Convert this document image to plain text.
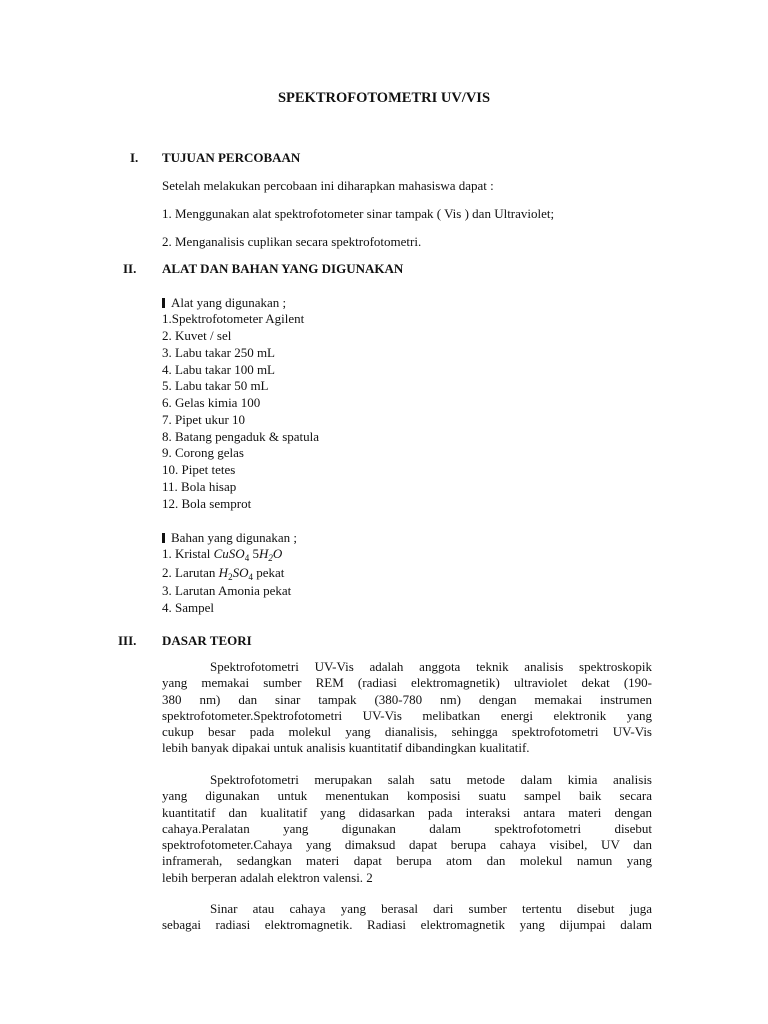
SPEKTROFOTOMETRI UV/VIS
I. TUJUAN PERCOBAAN
Setelah melakukan percobaan ini diharapkan mahasiswa dapat :
1. Menggunakan alat spektrofotometer sinar tampak ( Vis ) dan Ultraviolet;
2. Menganalisis cuplikan secara spektrofotometri.
II. ALAT DAN BAHAN YANG DIGUNAKAN
Alat yang digunakan ;
1.Spektrofotometer Agilent
2. Kuvet / sel
3. Labu takar 250 mL
4. Labu takar 100 mL
5. Labu takar 50 mL
6. Gelas kimia 100
7. Pipet ukur 10
8. Batang pengaduk & spatula
9. Corong gelas
10. Pipet tetes
11. Bola hisap
12. Bola semprot
Bahan yang digunakan ;
1. Kristal CuSO$_4$ $5H_2O$
2. Larutan $H_2SO_4$ pekat
3. Larutan Amonia pekat
4. Sampel
III. DASAR TEORI
Spektrofotometri UV-Vis adalah anggota teknik analisis spektroskopik
yang memakai sumber REM (radiasi elektromagnetik) ultraviolet dekat (190-
380 nm) dan sinar tampak (380-780 nm) dengan memakai instrumen
spektrofotometer.Spektrofotometri UV-Vis melibatkan energi elektronik yang
cukup besar pada molekul yang dianalisis, sehingga spektrofotometri UV-Vis
lebih banyak dipakai untuk analisis kuantitatif dibandingkan kualitatif.
Spektrofotometri merupakan salah satu metode dalam kimia analisis
yang digunakan untuk menentukan komposisi suatu sampel baik secara
kuantitatif dan kualitatif yang didasarkan pada interaksi antara materi dengan
cahaya.Peralatan yang digunakan dalam spektrofotometri disebut
spektrofotometer.Cahaya yang dimaksud dapat berupa cahaya visibel, UV dan
inframerah, sedangkan materi dapat berupa atom dan molekul namun yang
lebih berperan adalah elektron valensi. 2
Sinar atau cahaya yang berasal dari sumber tertentu disebut juga
sebagai radiasi elektromagnetik. Radiasi elektromagnetik yang dijumpai dalam
